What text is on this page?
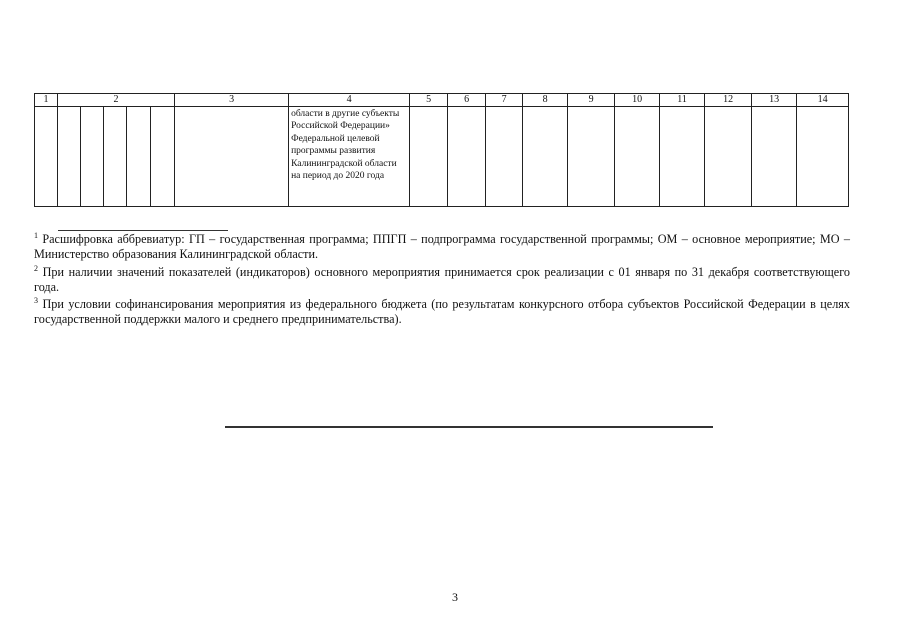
1	2					3	4	5	6	7	8	9	10	11	12	13	14

							области в другие субъекты Российской Федерации» Федеральной целевой программы развития Калининградской области на период до 2020 года										

$^1$ Расшифровка аббревиатур: ГП – государственная программа; ППГП – подпрограмма государственной программы; ОМ – основное мероприятие; МО – Министерство образования Калининградской области.

$^2$ При наличии значений показателей (индикаторов) основного мероприятия принимается срок реализации с 01 января по 31 декабря соответствующего года.

$^3$ При условии софинансирования мероприятия из федерального бюджета (по результатам конкурсного отбора субъектов Российской Федерации в целях государственной поддержки малого и среднего предпринимательства).

3
